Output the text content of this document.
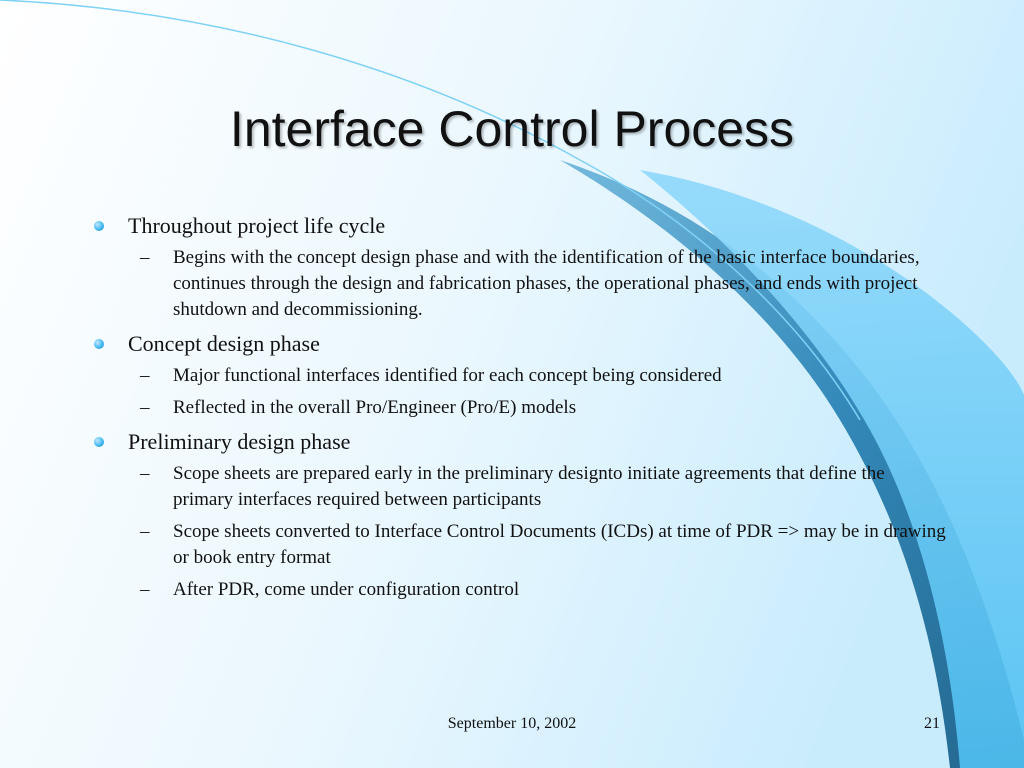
Interface Control Process
Throughout project life cycle
– Begins with the concept design phase and with the identification of the basic interface boundaries, continues through the design and fabrication phases, the operational phases, and ends with project shutdown and decommissioning.
Concept design phase
– Major functional interfaces identified for each concept being considered
– Reflected in the overall Pro/Engineer (Pro/E) models
Preliminary design phase
– Scope sheets are prepared early in the preliminary designto initiate agreements that define the primary interfaces required between participants
– Scope sheets converted to Interface Control Documents (ICDs) at time of PDR => may be in drawing or book entry format
– After PDR, come under configuration control
September 10, 2002	21
